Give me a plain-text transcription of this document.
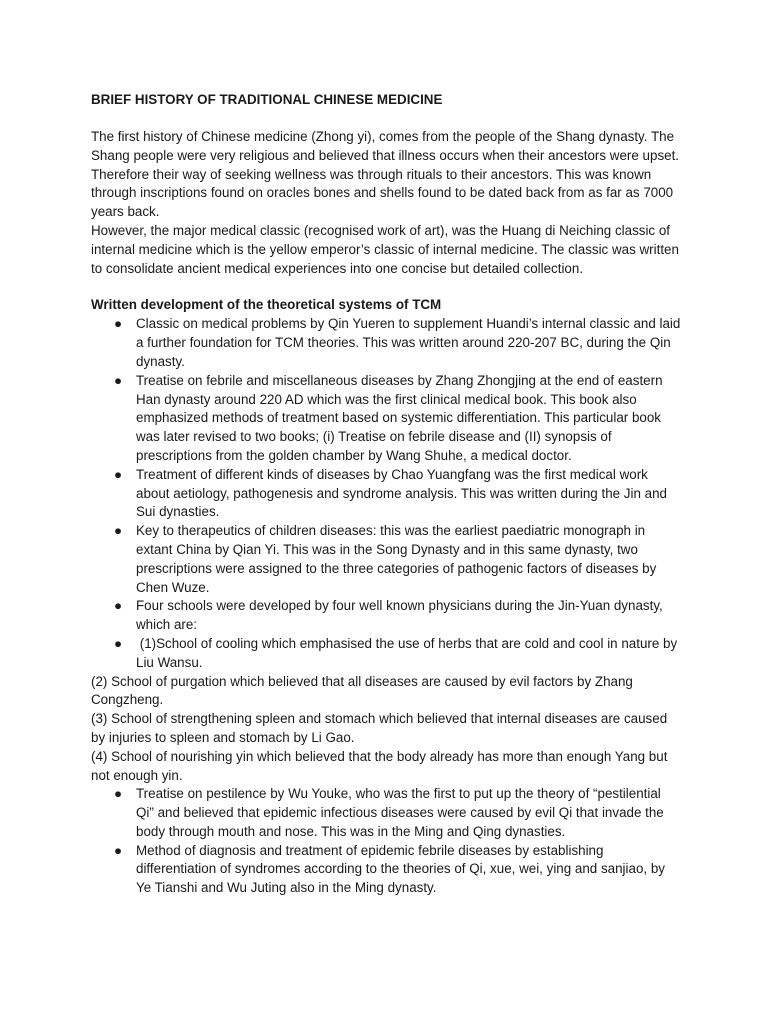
BRIEF HISTORY OF TRADITIONAL CHINESE MEDICINE

The first history of Chinese medicine (Zhong yi), comes from the people of the Shang dynasty. The Shang people were very religious and believed that illness occurs when their ancestors were upset. Therefore their way of seeking wellness was through rituals to their ancestors. This was known through inscriptions found on oracles bones and shells found to be dated back from as far as 7000 years back.

However, the major medical classic (recognised work of art), was the Huang di Neiching classic of internal medicine which is the yellow emperor’s classic of internal medicine. The classic was written to consolidate ancient medical experiences into one concise but detailed collection.

Written development of the theoretical systems of TCM

● Classic on medical problems by Qin Yueren to supplement Huandi’s internal classic and laid a further foundation for TCM theories. This was written around 220-207 BC, during the Qin dynasty.
● Treatise on febrile and miscellaneous diseases by Zhang Zhongjing at the end of eastern Han dynasty around 220 AD which was the first clinical medical book. This book also emphasized methods of treatment based on systemic differentiation. This particular book was later revised to two books; (i) Treatise on febrile disease and (II) synopsis of prescriptions from the golden chamber by Wang Shuhe, a medical doctor.
● Treatment of different kinds of diseases by Chao Yuangfang was the first medical work about aetiology, pathogenesis and syndrome analysis. This was written during the Jin and Sui dynasties.
● Key to therapeutics of children diseases: this was the earliest paediatric monograph in extant China by Qian Yi. This was in the Song Dynasty and in this same dynasty, two prescriptions were assigned to the three categories of pathogenic factors of diseases by Chen Wuze.
● Four schools were developed by four well known physicians during the Jin-Yuan dynasty, which are:
● (1)School of cooling which emphasised the use of herbs that are cold and cool in nature by Liu Wansu.

(2) School of purgation which believed that all diseases are caused by evil factors by Zhang Congzheng.

(3) School of strengthening spleen and stomach which believed that internal diseases are caused by injuries to spleen and stomach by Li Gao.

(4) School of nourishing yin which believed that the body already has more than enough Yang but not enough yin.

● Treatise on pestilence by Wu Youke, who was the first to put up the theory of “pestilential Qi” and believed that epidemic infectious diseases were caused by evil Qi that invade the body through mouth and nose. This was in the Ming and Qing dynasties.
● Method of diagnosis and treatment of epidemic febrile diseases by establishing differentiation of syndromes according to the theories of Qi, xue, wei, ying and sanjiao, by Ye Tianshi and Wu Juting also in the Ming dynasty.
